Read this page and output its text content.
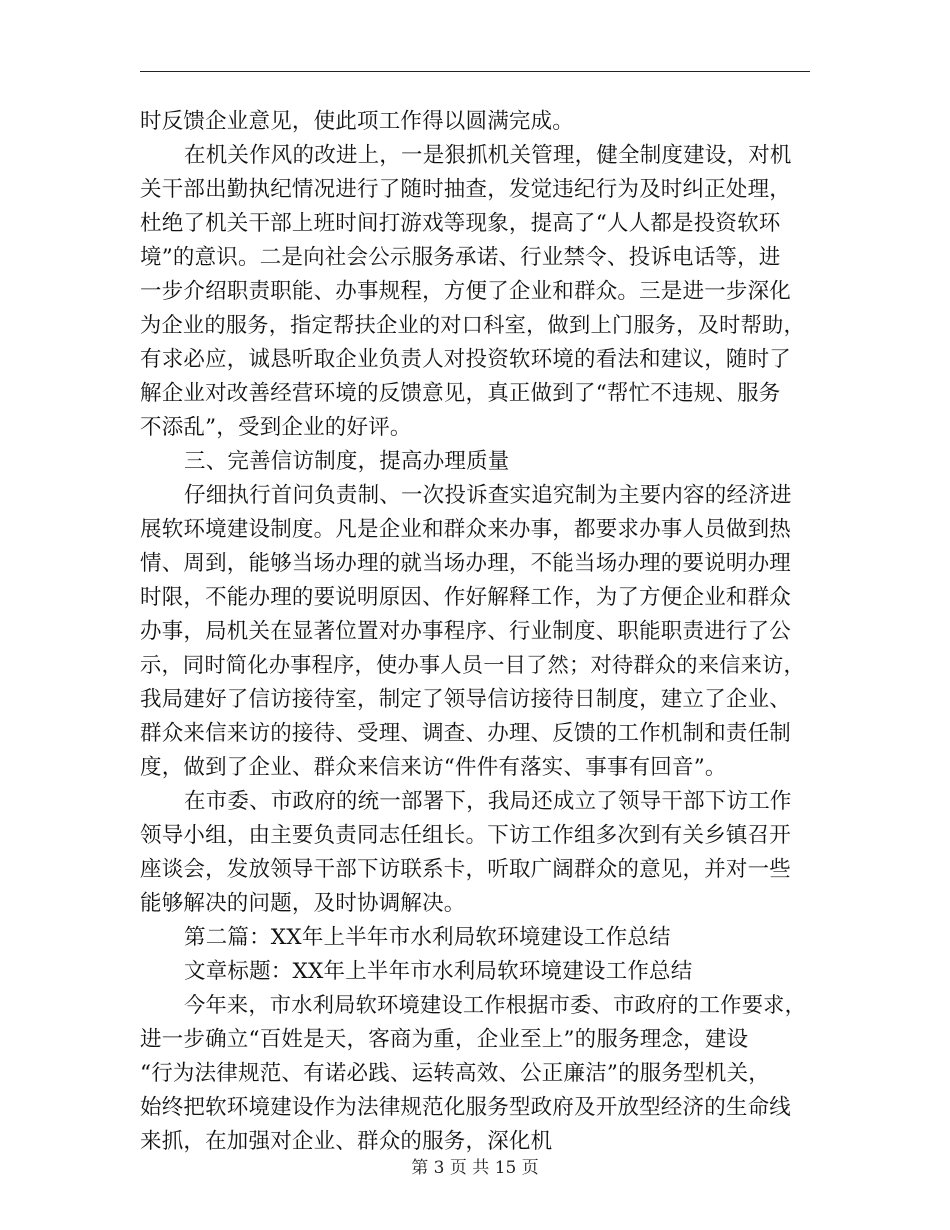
时反馈企业意见，使此项工作得以圆满完成。
在机关作风的改进上，一是狠抓机关管理，健全制度建设，对机
关干部出勤执纪情况进行了随时抽查，发觉违纪行为及时纠正处理，
杜绝了机关干部上班时间打游戏等现象，提高了“人人都是投资软环
境”的意识。二是向社会公示服务承诺、行业禁令、投诉电话等，进
一步介绍职责职能、办事规程，方便了企业和群众。三是进一步深化
为企业的服务，指定帮扶企业的对口科室，做到上门服务，及时帮助，
有求必应，诚恳听取企业负责人对投资软环境的看法和建议，随时了
解企业对改善经营环境的反馈意见，真正做到了“帮忙不违规、服务
不添乱”，受到企业的好评。
三、完善信访制度，提高办理质量
仔细执行首问负责制、一次投诉查实追究制为主要内容的经济进
展软环境建设制度。凡是企业和群众来办事，都要求办事人员做到热
情、周到，能够当场办理的就当场办理，不能当场办理的要说明办理
时限，不能办理的要说明原因、作好解释工作，为了方便企业和群众
办事，局机关在显著位置对办事程序、行业制度、职能职责进行了公
示，同时简化办事程序，使办事人员一目了然；对待群众的来信来访，
我局建好了信访接待室，制定了领导信访接待日制度，建立了企业、
群众来信来访的接待、受理、调查、办理、反馈的工作机制和责任制
度，做到了企业、群众来信来访“件件有落实、事事有回音”。
在市委、市政府的统一部署下，我局还成立了领导干部下访工作
领导小组，由主要负责同志任组长。下访工作组多次到有关乡镇召开
座谈会，发放领导干部下访联系卡，听取广阔群众的意见，并对一些
能够解决的问题，及时协调解决。
第二篇：XX年上半年市水利局软环境建设工作总结
文章标题：XX年上半年市水利局软环境建设工作总结
今年来，市水利局软环境建设工作根据市委、市政府的工作要求，
进一步确立“百姓是天，客商为重，企业至上”的服务理念，建设
“行为法律规范、有诺必践、运转高效、公正廉洁”的服务型机关，
始终把软环境建设作为法律规范化服务型政府及开放型经济的生命线
来抓，在加强对企业、群众的服务，深化机
第 3 页 共 15 页
